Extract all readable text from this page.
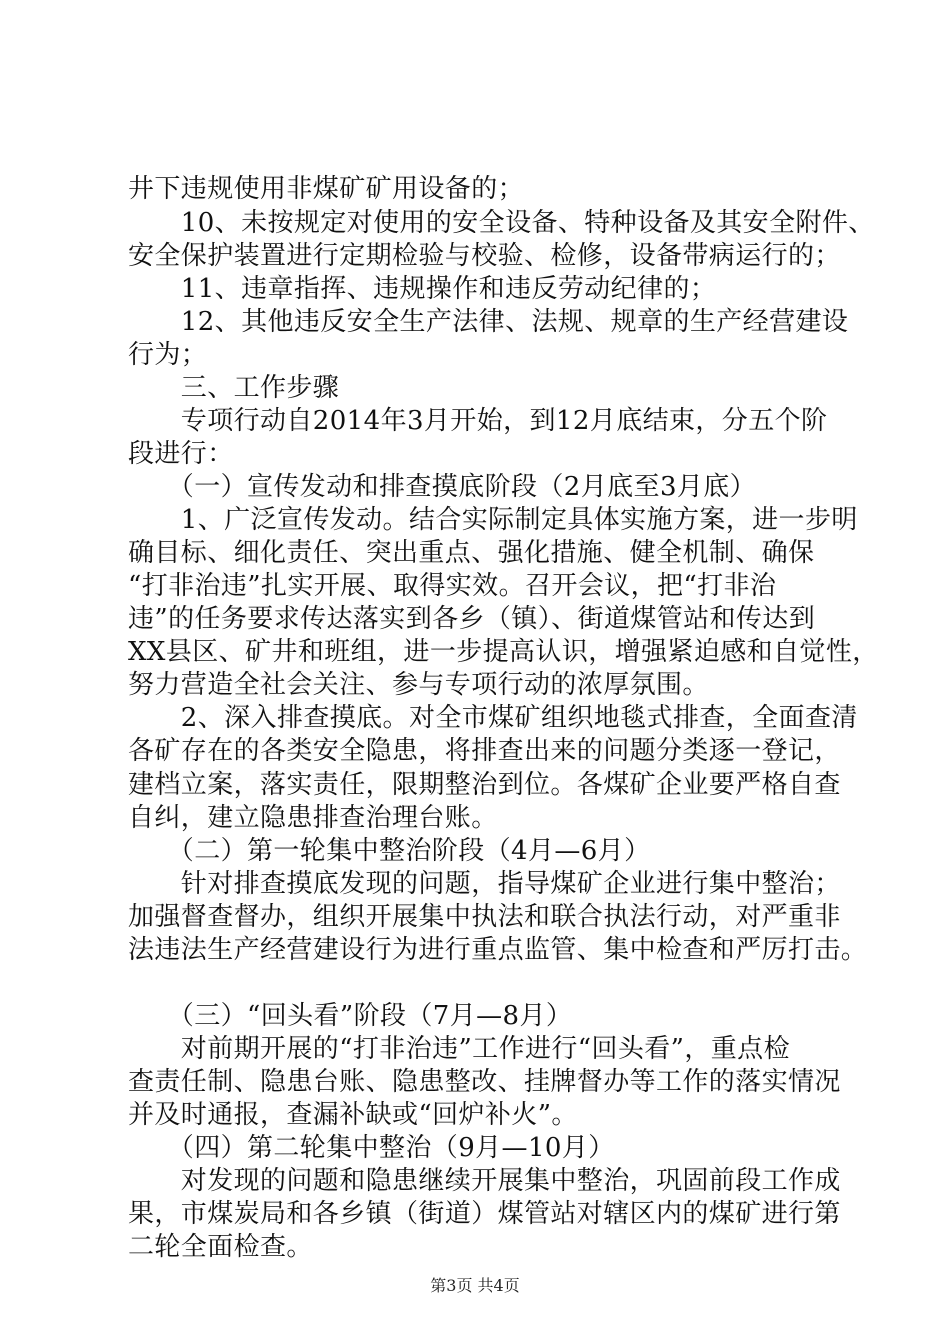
井下违规使用非煤矿矿用设备的；
　　10、未按规定对使用的安全设备、特种设备及其安全附件、
安全保护装置进行定期检验与校验、检修，设备带病运行的；
　　11、违章指挥、违规操作和违反劳动纪律的；
　　12、其他违反安全生产法律、法规、规章的生产经营建设
行为；
　　三、工作步骤
　　专项行动自2014年3月开始，到12月底结束，分五个阶
段进行：
　　（一）宣传发动和排查摸底阶段（2月底至3月底）
　　1、广泛宣传发动。结合实际制定具体实施方案，进一步明
确目标、细化责任、突出重点、强化措施、健全机制、确保
“打非治违”扎实开展、取得实效。召开会议，把“打非治
违”的任务要求传达落实到各乡（镇）、街道煤管站和传达到
XX县区、矿井和班组，进一步提高认识，增强紧迫感和自觉性，
努力营造全社会关注、参与专项行动的浓厚氛围。
　　2、深入排查摸底。对全市煤矿组织地毯式排查，全面查清
各矿存在的各类安全隐患，将排查出来的问题分类逐一登记，
建档立案，落实责任，限期整治到位。各煤矿企业要严格自查
自纠，建立隐患排查治理台账。
　　（二）第一轮集中整治阶段（4月—6月）
　　针对排查摸底发现的问题，指导煤矿企业进行集中整治；
加强督查督办，组织开展集中执法和联合执法行动，对严重非
法违法生产经营建设行为进行重点监管、集中检查和严厉打击。
　　（三）“回头看”阶段（7月—8月）
　　对前期开展的“打非治违”工作进行“回头看”，重点检
查责任制、隐患台账、隐患整改、挂牌督办等工作的落实情况
并及时通报，查漏补缺或“回炉补火”。
　　（四）第二轮集中整治（9月—10月）
　　对发现的问题和隐患继续开展集中整治，巩固前段工作成
果，市煤炭局和各乡镇（街道）煤管站对辖区内的煤矿进行第
二轮全面检查。
第3页 共4页
